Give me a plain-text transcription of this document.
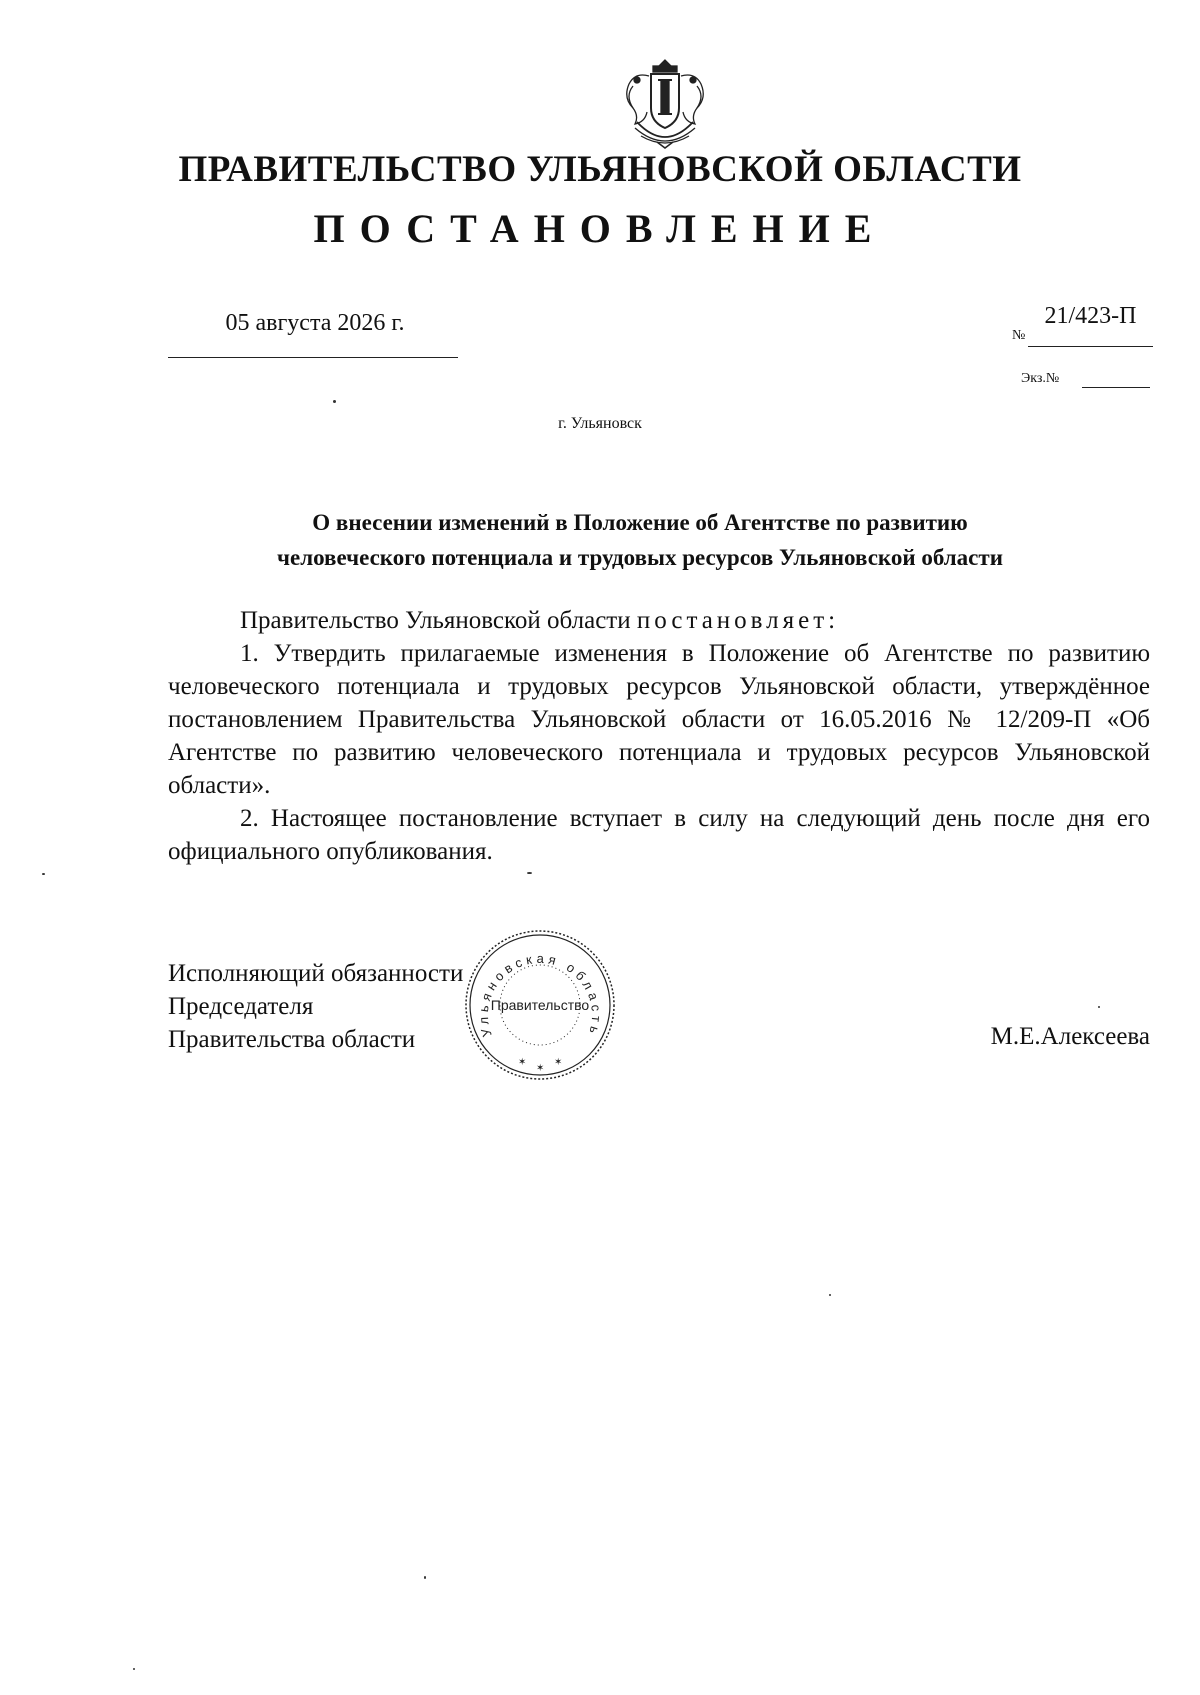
ПРАВИТЕЛЬСТВО УЛЬЯНОВСКОЙ ОБЛАСТИ
ПОСТАНОВЛЕНИЕ
05 августа 2026 г.	№
21/423-П
Экз.№
г. Ульяновск
О внесении изменений в Положение об Агентстве по развитию
человеческого потенциала и трудовых ресурсов Ульяновской области

Правительство Ульяновской области постановляет:

1. Утвердить прилагаемые изменения в Положение об Агентстве по развитию человеческого потенциала и трудовых ресурсов Ульяновской области, утверждённое постановлением Правительства Ульяновской области от 16.05.2016 № 12/209-П «Об Агентстве по развитию человеческого потенциала и трудовых ресурсов Ульяновской области».

2. Настоящее постановление вступает в силу на следующий день после дня его официального опубликования.

Исполняющий обязанности
Председателя
Правительства области	Ульяновская область
Правительство
✶
✶
✶
М.Е.Алексеева
